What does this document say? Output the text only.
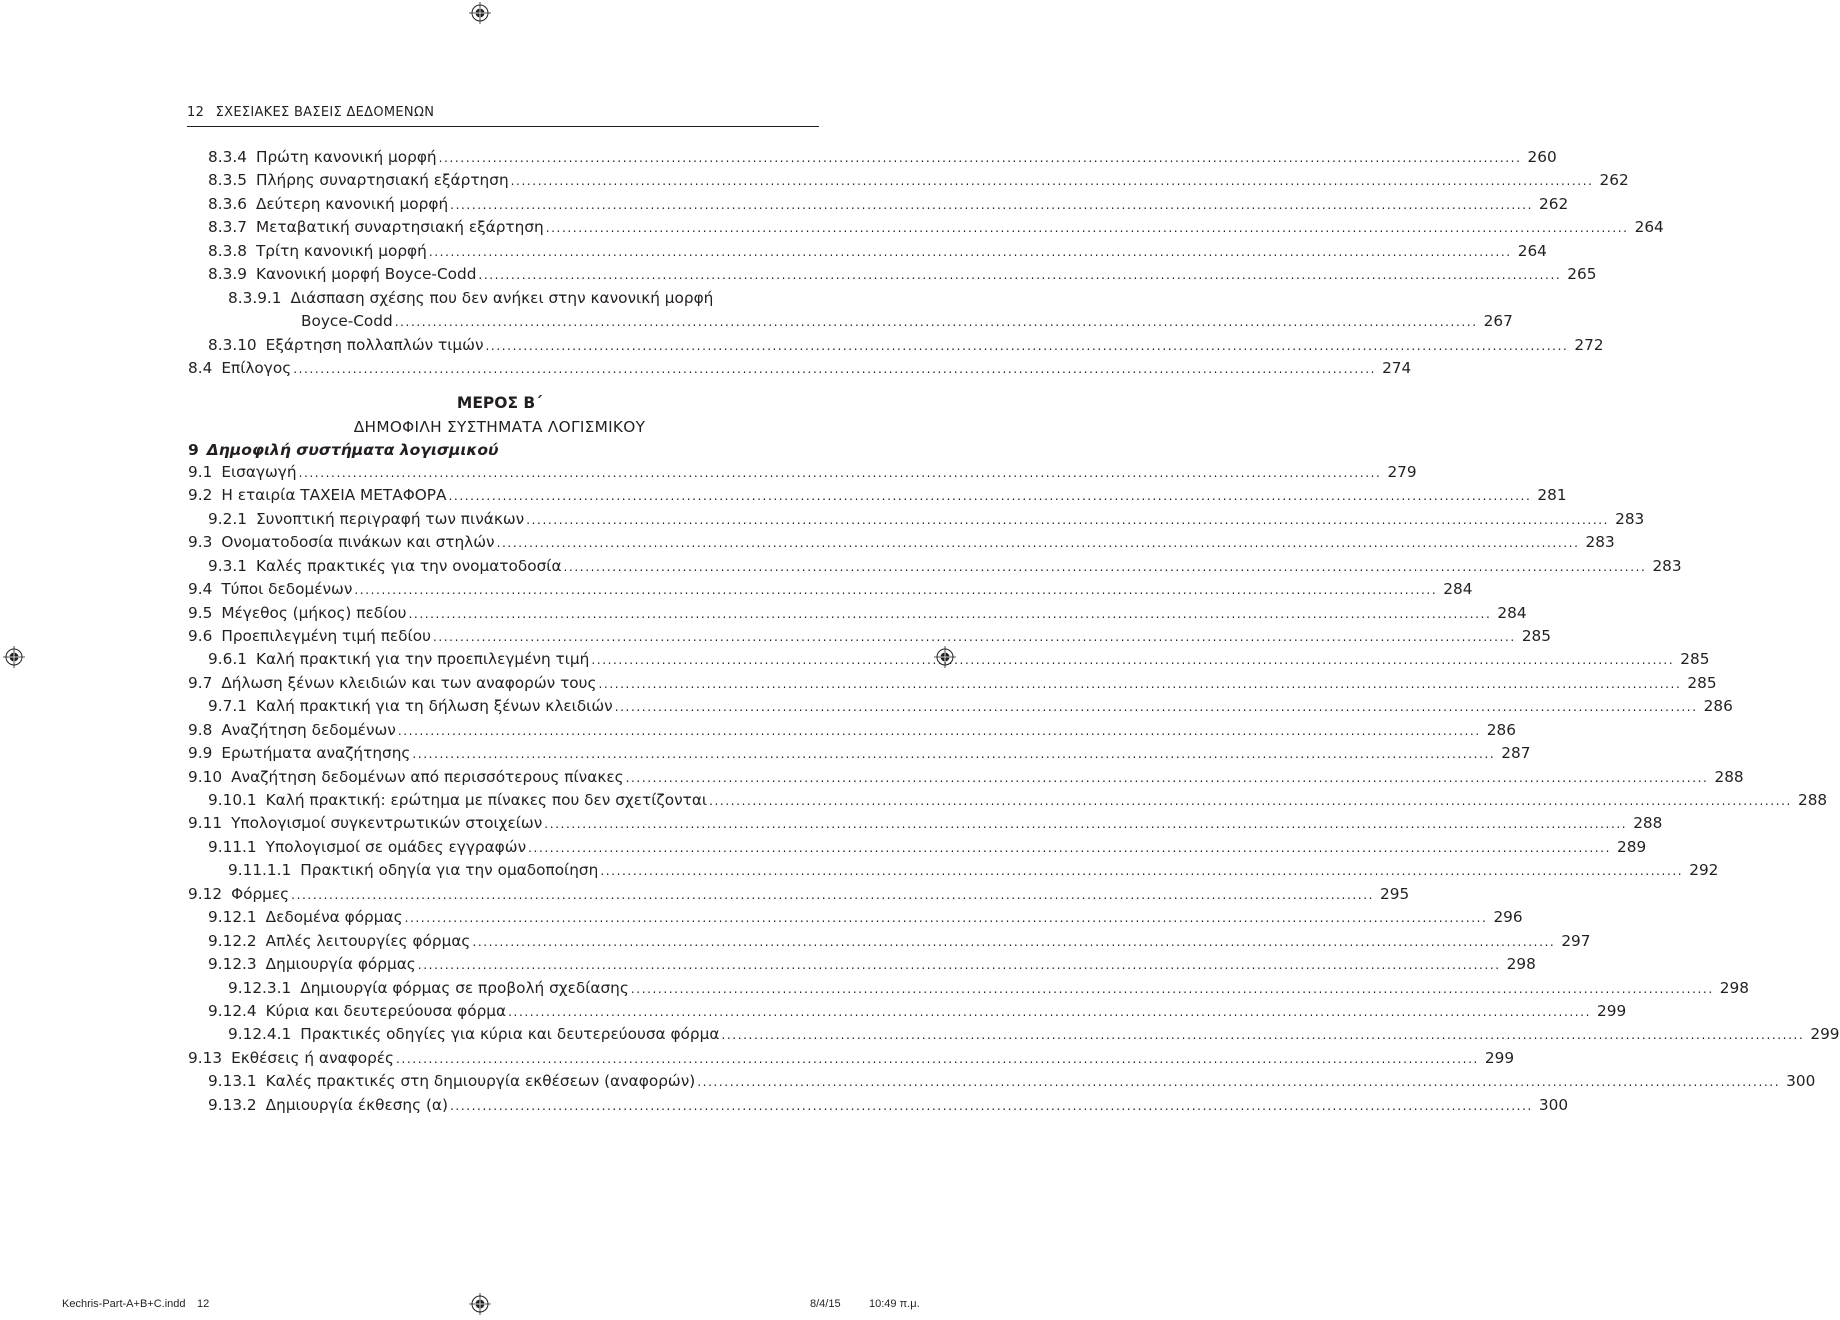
12 ΣΧΕΣΙΑΚΕΣ ΒΑΣΕΙΣ ΔΕΔΟΜΕΝΩΝ
8.3.4 Πρώτη κανονική μορφή ........................................................................................................................................................................................................ 260
8.3.5 Πλήρης συναρτησιακή εξάρτηση ........................................................................................................................................................................................................ 262
8.3.6 Δεύτερη κανονική μορφή ........................................................................................................................................................................................................ 262
8.3.7 Μεταβατική συναρτησιακή εξάρτηση ........................................................................................................................................................................................................ 264
8.3.8 Τρίτη κανονική μορφή ........................................................................................................................................................................................................ 264
8.3.9 Κανονική μορφή Boyce-Codd ........................................................................................................................................................................................................ 265
8.3.9.1 Διάσπαση σχέσης που δεν ανήκει στην κανονική μορφή
Boyce-Codd ........................................................................................................................................................................................................ 267
8.3.10 Εξάρτηση πολλαπλών τιμών ........................................................................................................................................................................................................ 272
8.4 Επίλογος ........................................................................................................................................................................................................ 274
ΜΕΡΟΣ Β΄
ΔΗΜΟΦΙΛΗ ΣΥΣΤΗΜΑΤΑ ΛΟΓΙΣΜΙΚΟΥ
9 Δημοφιλή συστήματα λογισμικού
9.1 Εισαγωγή ........................................................................................................................................................................................................ 279
9.2 Η εταιρία ΤΑΧΕΙΑ ΜΕΤΑΦΟΡΑ ........................................................................................................................................................................................................ 281
9.2.1 Συνοπτική περιγραφή των πινάκων ........................................................................................................................................................................................................ 283
9.3 Ονοματοδοσία πινάκων και στηλών ........................................................................................................................................................................................................ 283
9.3.1 Καλές πρακτικές για την ονοματοδοσία ........................................................................................................................................................................................................ 283
9.4 Τύποι δεδομένων ........................................................................................................................................................................................................ 284
9.5 Μέγεθος (μήκος) πεδίου ........................................................................................................................................................................................................ 284
9.6 Προεπιλεγμένη τιμή πεδίου ........................................................................................................................................................................................................ 285
9.6.1 Καλή πρακτική για την προεπιλεγμένη τιμή ........................................................................................................................................................................................................ 285
9.7 Δήλωση ξένων κλειδιών και των αναφορών τους ........................................................................................................................................................................................................ 285
9.7.1 Καλή πρακτική για τη δήλωση ξένων κλειδιών ........................................................................................................................................................................................................ 286
9.8 Αναζήτηση δεδομένων ........................................................................................................................................................................................................ 286
9.9 Ερωτήματα αναζήτησης ........................................................................................................................................................................................................ 287
9.10 Αναζήτηση δεδομένων από περισσότερους πίνακες ........................................................................................................................................................................................................ 288
9.10.1 Καλή πρακτική: ερώτημα με πίνακες που δεν σχετίζονται ........................................................................................................................................................................................................ 288
9.11 Υπολογισμοί συγκεντρωτικών στοιχείων ........................................................................................................................................................................................................ 288
9.11.1 Υπολογισμοί σε ομάδες εγγραφών ........................................................................................................................................................................................................ 289
9.11.1.1 Πρακτική οδηγία για την ομαδοποίηση ........................................................................................................................................................................................................ 292
9.12 Φόρμες ........................................................................................................................................................................................................ 295
9.12.1 Δεδομένα φόρμας ........................................................................................................................................................................................................ 296
9.12.2 Απλές λειτουργίες φόρμας ........................................................................................................................................................................................................ 297
9.12.3 Δημιουργία φόρμας ........................................................................................................................................................................................................ 298
9.12.3.1 Δημιουργία φόρμας σε προβολή σχεδίασης ........................................................................................................................................................................................................ 298
9.12.4 Κύρια και δευτερεύουσα φόρμα ........................................................................................................................................................................................................ 299
9.12.4.1 Πρακτικές οδηγίες για κύρια και δευτερεύουσα φόρμα ........................................................................................................................................................................................................ 299
9.13 Εκθέσεις ή αναφορές ........................................................................................................................................................................................................ 299
9.13.1 Καλές πρακτικές στη δημιουργία εκθέσεων (αναφορών) ........................................................................................................................................................................................................ 300
9.13.2 Δημιουργία έκθεσης (α) ........................................................................................................................................................................................................ 300
Kechris-Part-A+B+C.indd 12	8/4/15	10:49 π.μ.
